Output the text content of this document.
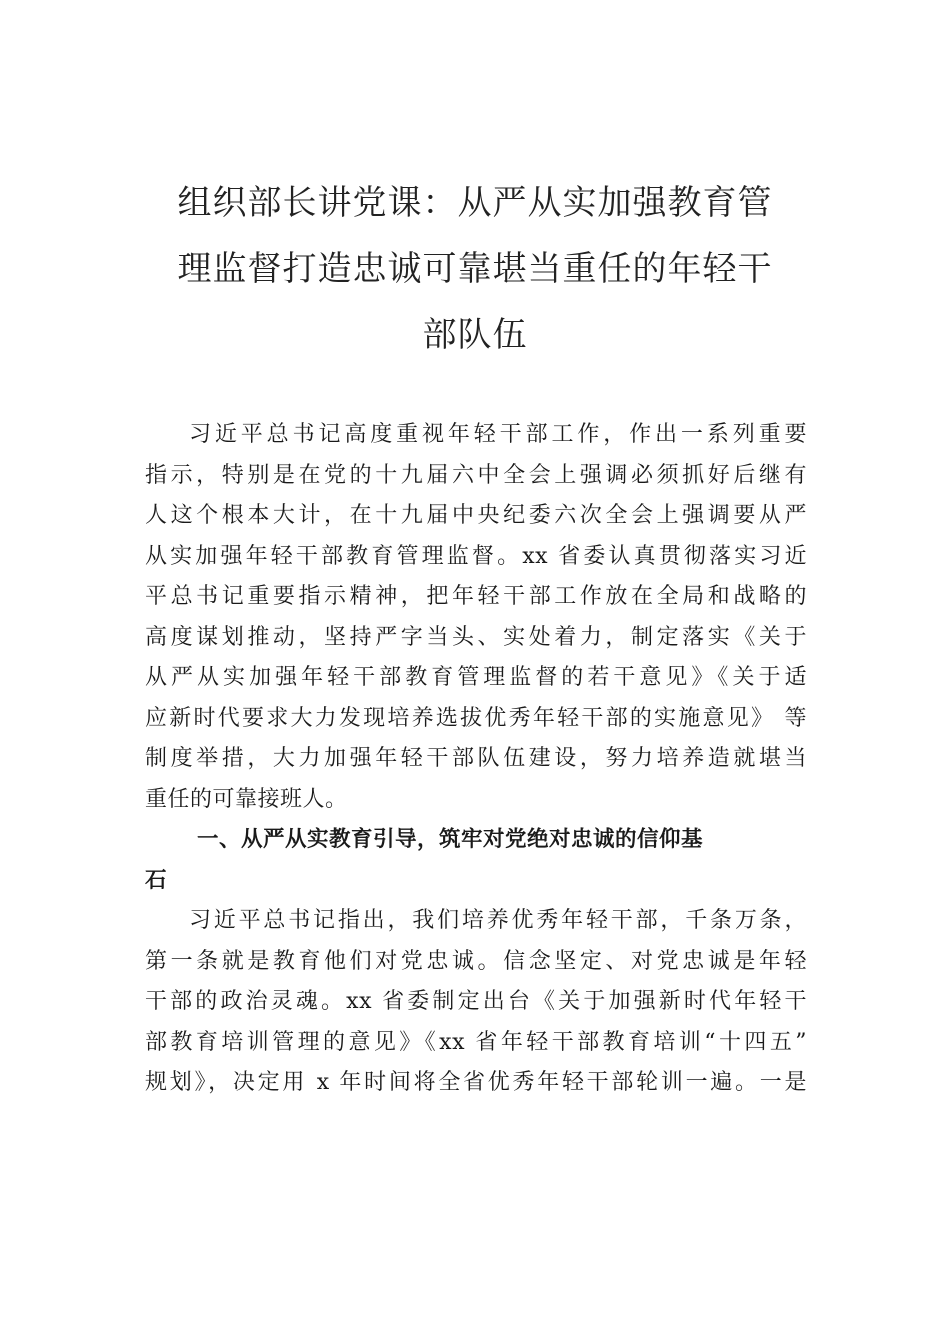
组织部长讲党课：从严从实加强教育管
理监督打造忠诚可靠堪当重任的年轻干
部队伍
习近平总书记高度重视年轻干部工作，作出一系列重要
指示，特别是在党的十九届六中全会上强调必须抓好后继有
人这个根本大计，在十九届中央纪委六次全会上强调要从严
从实加强年轻干部教育管理监督。xx 省委认真贯彻落实习近
平总书记重要指示精神，把年轻干部工作放在全局和战略的
高度谋划推动，坚持严字当头、实处着力，制定落实《关于
从严从实加强年轻干部教育管理监督的若干意见》《关于适
应新时代要求大力发现培养选拔优秀年轻干部的实施意见》 等
制度举措，大力加强年轻干部队伍建设，努力培养造就堪当
重任的可靠接班人。
一、从严从实教育引导，筑牢对党绝对忠诚的信仰基
石
习近平总书记指出，我们培养优秀年轻干部，千条万条，
第一条就是教育他们对党忠诚。信念坚定、对党忠诚是年轻
干部的政治灵魂。xx 省委制定出台《关于加强新时代年轻干
部教育培训管理的意见》《xx 省年轻干部教育培训“十四五”
规划》，决定用 x 年时间将全省优秀年轻干部轮训一遍。一是
